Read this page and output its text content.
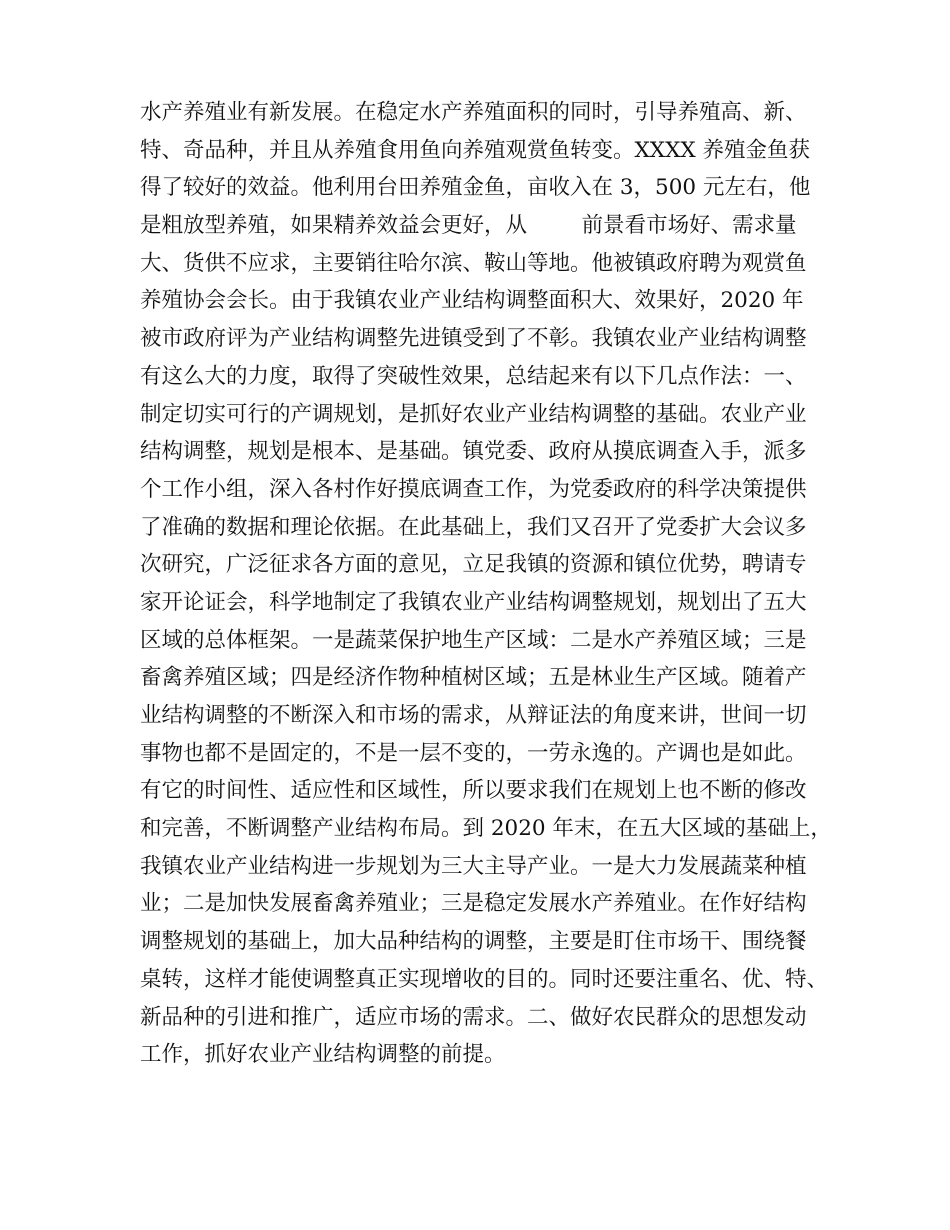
水产养殖业有新发展。在稳定水产养殖面积的同时，引导养殖高、新、
特、奇品种，并且从养殖食用鱼向养殖观赏鱼转变。XXXX 养殖金鱼获
得了较好的效益。他利用台田养殖金鱼，亩收入在 3，500 元左右，他
是粗放型养殖，如果精养效益会更好，从        前景看市场好、需求量
大、货供不应求，主要销往哈尔滨、鞍山等地。他被镇政府聘为观赏鱼
养殖协会会长。由于我镇农业产业结构调整面积大、效果好，2020 年
被市政府评为产业结构调整先进镇受到了不彰。我镇农业产业结构调整
有这么大的力度，取得了突破性效果，总结起来有以下几点作法：一、
制定切实可行的产调规划，是抓好农业产业结构调整的基础。农业产业
结构调整，规划是根本、是基础。镇党委、政府从摸底调查入手，派多
个工作小组，深入各村作好摸底调查工作，为党委政府的科学决策提供
了准确的数据和理论依据。在此基础上，我们又召开了党委扩大会议多
次研究，广泛征求各方面的意见，立足我镇的资源和镇位优势，聘请专
家开论证会，科学地制定了我镇农业产业结构调整规划，规划出了五大
区域的总体框架。一是蔬菜保护地生产区域：二是水产养殖区域；三是
畜禽养殖区域；四是经济作物种植树区域；五是林业生产区域。随着产
业结构调整的不断深入和市场的需求，从辩证法的角度来讲，世间一切
事物也都不是固定的，不是一层不变的，一劳永逸的。产调也是如此。
有它的时间性、适应性和区域性，所以要求我们在规划上也不断的修改
和完善，不断调整产业结构布局。到 2020 年末，在五大区域的基础上，
我镇农业产业结构进一步规划为三大主导产业。一是大力发展蔬菜种植
业；二是加快发展畜禽养殖业；三是稳定发展水产养殖业。在作好结构
调整规划的基础上，加大品种结构的调整，主要是盯住市场干、围绕餐
桌转，这样才能使调整真正实现增收的目的。同时还要注重名、优、特、
新品种的引进和推广，适应市场的需求。二、做好农民群众的思想发动
工作，抓好农业产业结构调整的前提。
